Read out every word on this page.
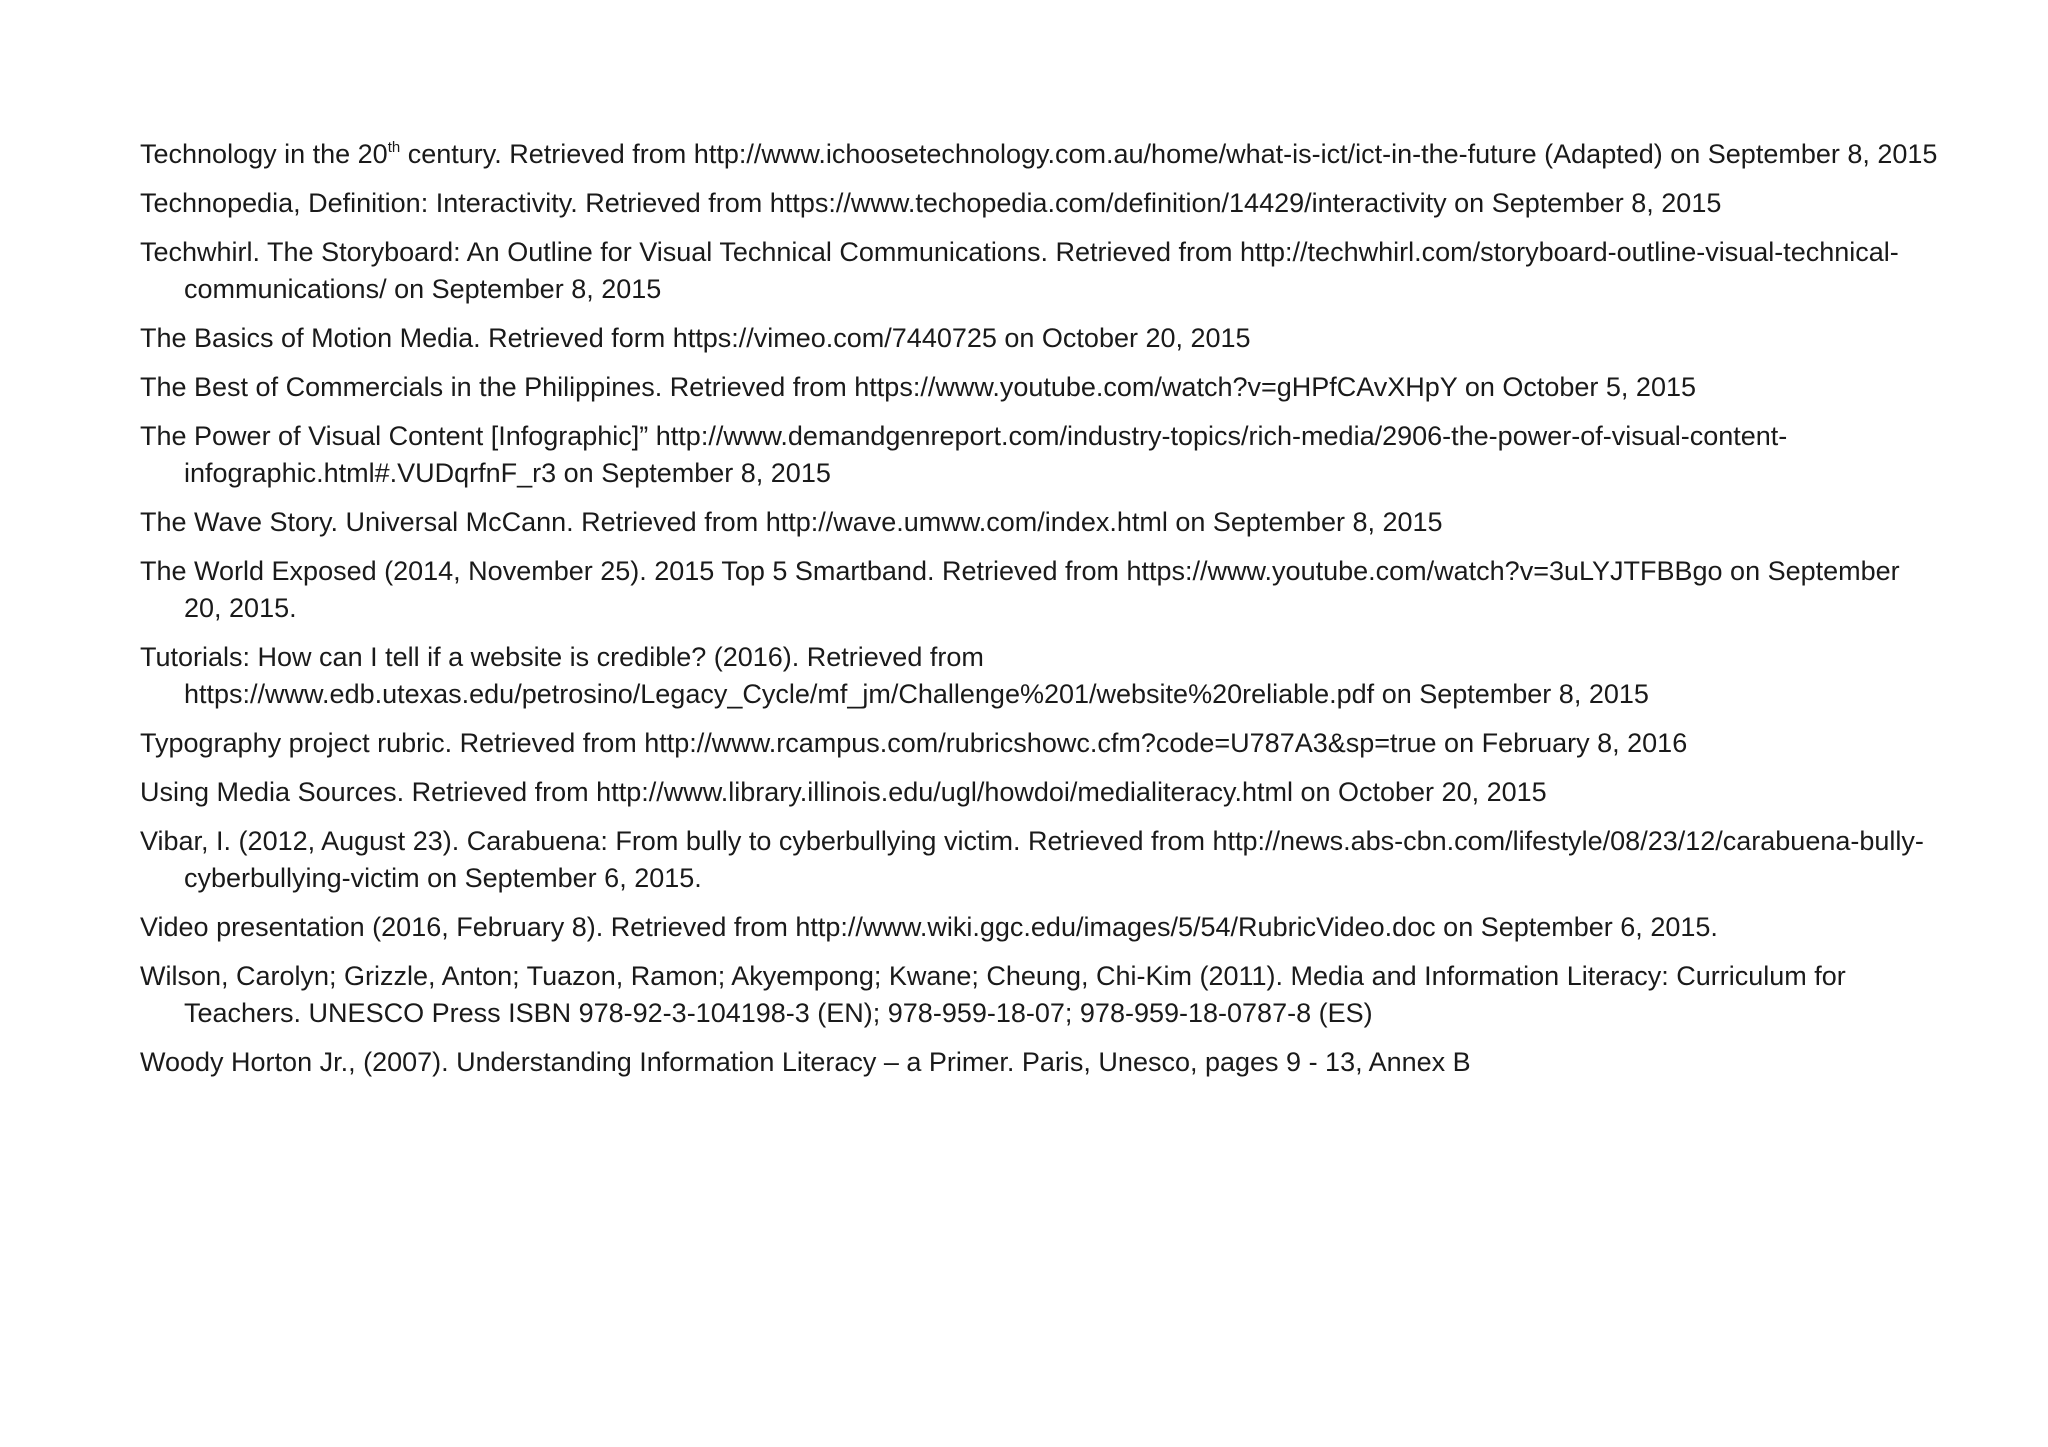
Technology in the 20th century. Retrieved from http://www.ichoosetechnology.com.au/home/what-is-ict/ict-in-the-future (Adapted) on September 8, 2015
Technopedia, Definition: Interactivity. Retrieved from https://www.techopedia.com/definition/14429/interactivity on September 8, 2015
Techwhirl. The Storyboard: An Outline for Visual Technical Communications. Retrieved from http://techwhirl.com/storyboard-outline-visual-technical-communications/ on September 8, 2015
The Basics of Motion Media. Retrieved form https://vimeo.com/7440725 on October 20, 2015
The Best of Commercials in the Philippines. Retrieved from https://www.youtube.com/watch?v=gHPfCAvXHpY on October 5, 2015
The Power of Visual Content [Infographic]” http://www.demandgenreport.com/industry-topics/rich-media/2906-the-power-of-visual-content-infographic.html#.VUDqrfnF_r3 on September 8, 2015
The Wave Story. Universal McCann. Retrieved from http://wave.umww.com/index.html on September 8, 2015
The World Exposed (2014, November 25). 2015 Top 5 Smartband. Retrieved from https://www.youtube.com/watch?v=3uLYJTFBBgo on September 20, 2015.
Tutorials: How can I tell if a website is credible? (2016). Retrieved from https://www.edb.utexas.edu/petrosino/Legacy_Cycle/mf_jm/Challenge%201/website%20reliable.pdf on September 8, 2015
Typography project rubric. Retrieved from http://www.rcampus.com/rubricshowc.cfm?code=U787A3&sp=true on February 8, 2016
Using Media Sources. Retrieved from http://www.library.illinois.edu/ugl/howdoi/medialiteracy.html on October 20, 2015
Vibar, I. (2012, August 23). Carabuena: From bully to cyberbullying victim. Retrieved from http://news.abs-cbn.com/lifestyle/08/23/12/carabuena-bully-cyberbullying-victim on September 6, 2015.
Video presentation (2016, February 8). Retrieved from http://www.wiki.ggc.edu/images/5/54/RubricVideo.doc on September 6, 2015.
Wilson, Carolyn; Grizzle, Anton; Tuazon, Ramon; Akyempong; Kwane; Cheung, Chi-Kim (2011). Media and Information Literacy: Curriculum for Teachers. UNESCO Press ISBN 978-92-3-104198-3 (EN); 978-959-18-07; 978-959-18-0787-8 (ES)
Woody Horton Jr., (2007). Understanding Information Literacy – a Primer. Paris, Unesco, pages 9 - 13, Annex B
